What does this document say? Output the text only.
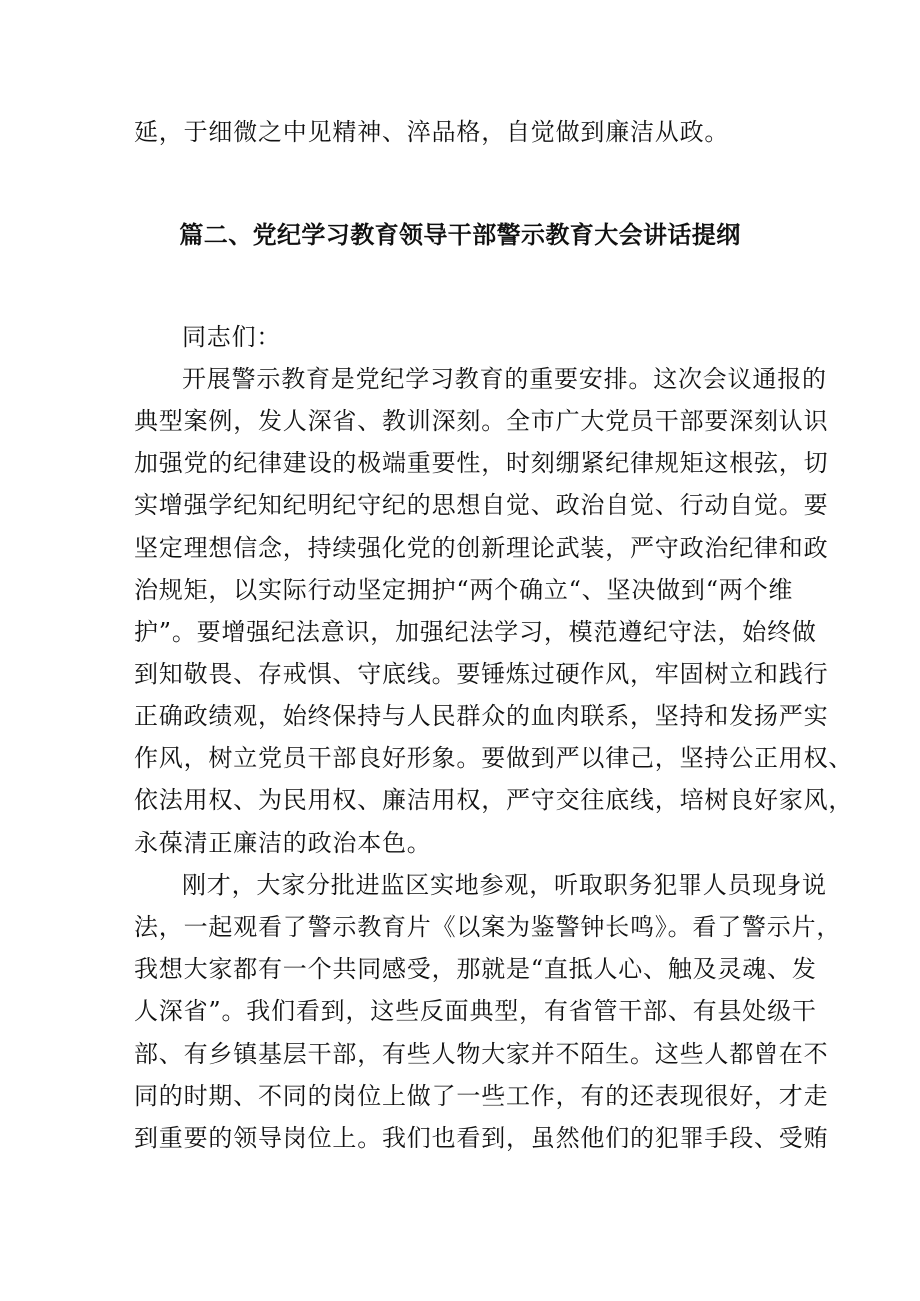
延，于细微之中见精神、淬品格，自觉做到廉洁从政。
篇二、党纪学习教育领导干部警示教育大会讲话提纲
同志们：
开展警示教育是党纪学习教育的重要安排。这次会议通报的
典型案例，发人深省、教训深刻。全市广大党员干部要深刻认识
加强党的纪律建设的极端重要性，时刻绷紧纪律规矩这根弦，切
实增强学纪知纪明纪守纪的思想自觉、政治自觉、行动自觉。要
坚定理想信念，持续强化党的创新理论武装，严守政治纪律和政
治规矩，以实际行动坚定拥护“两个确立“、坚决做到“两个维
护”。要增强纪法意识，加强纪法学习，模范遵纪守法，始终做
到知敬畏、存戒惧、守底线。要锤炼过硬作风，牢固树立和践行
正确政绩观，始终保持与人民群众的血肉联系，坚持和发扬严实
作风，树立党员干部良好形象。要做到严以律己，坚持公正用权、
依法用权、为民用权、廉洁用权，严守交往底线，培树良好家风，
永葆清正廉洁的政治本色。
刚才，大家分批进监区实地参观，听取职务犯罪人员现身说
法，一起观看了警示教育片《以案为鉴警钟长鸣》。看了警示片，
我想大家都有一个共同感受，那就是“直抵人心、触及灵魂、发
人深省”。我们看到，这些反面典型，有省管干部、有县处级干
部、有乡镇基层干部，有些人物大家并不陌生。这些人都曾在不
同的时期、不同的岗位上做了一些工作，有的还表现很好，才走
到重要的领导岗位上。我们也看到，虽然他们的犯罪手段、受贿
